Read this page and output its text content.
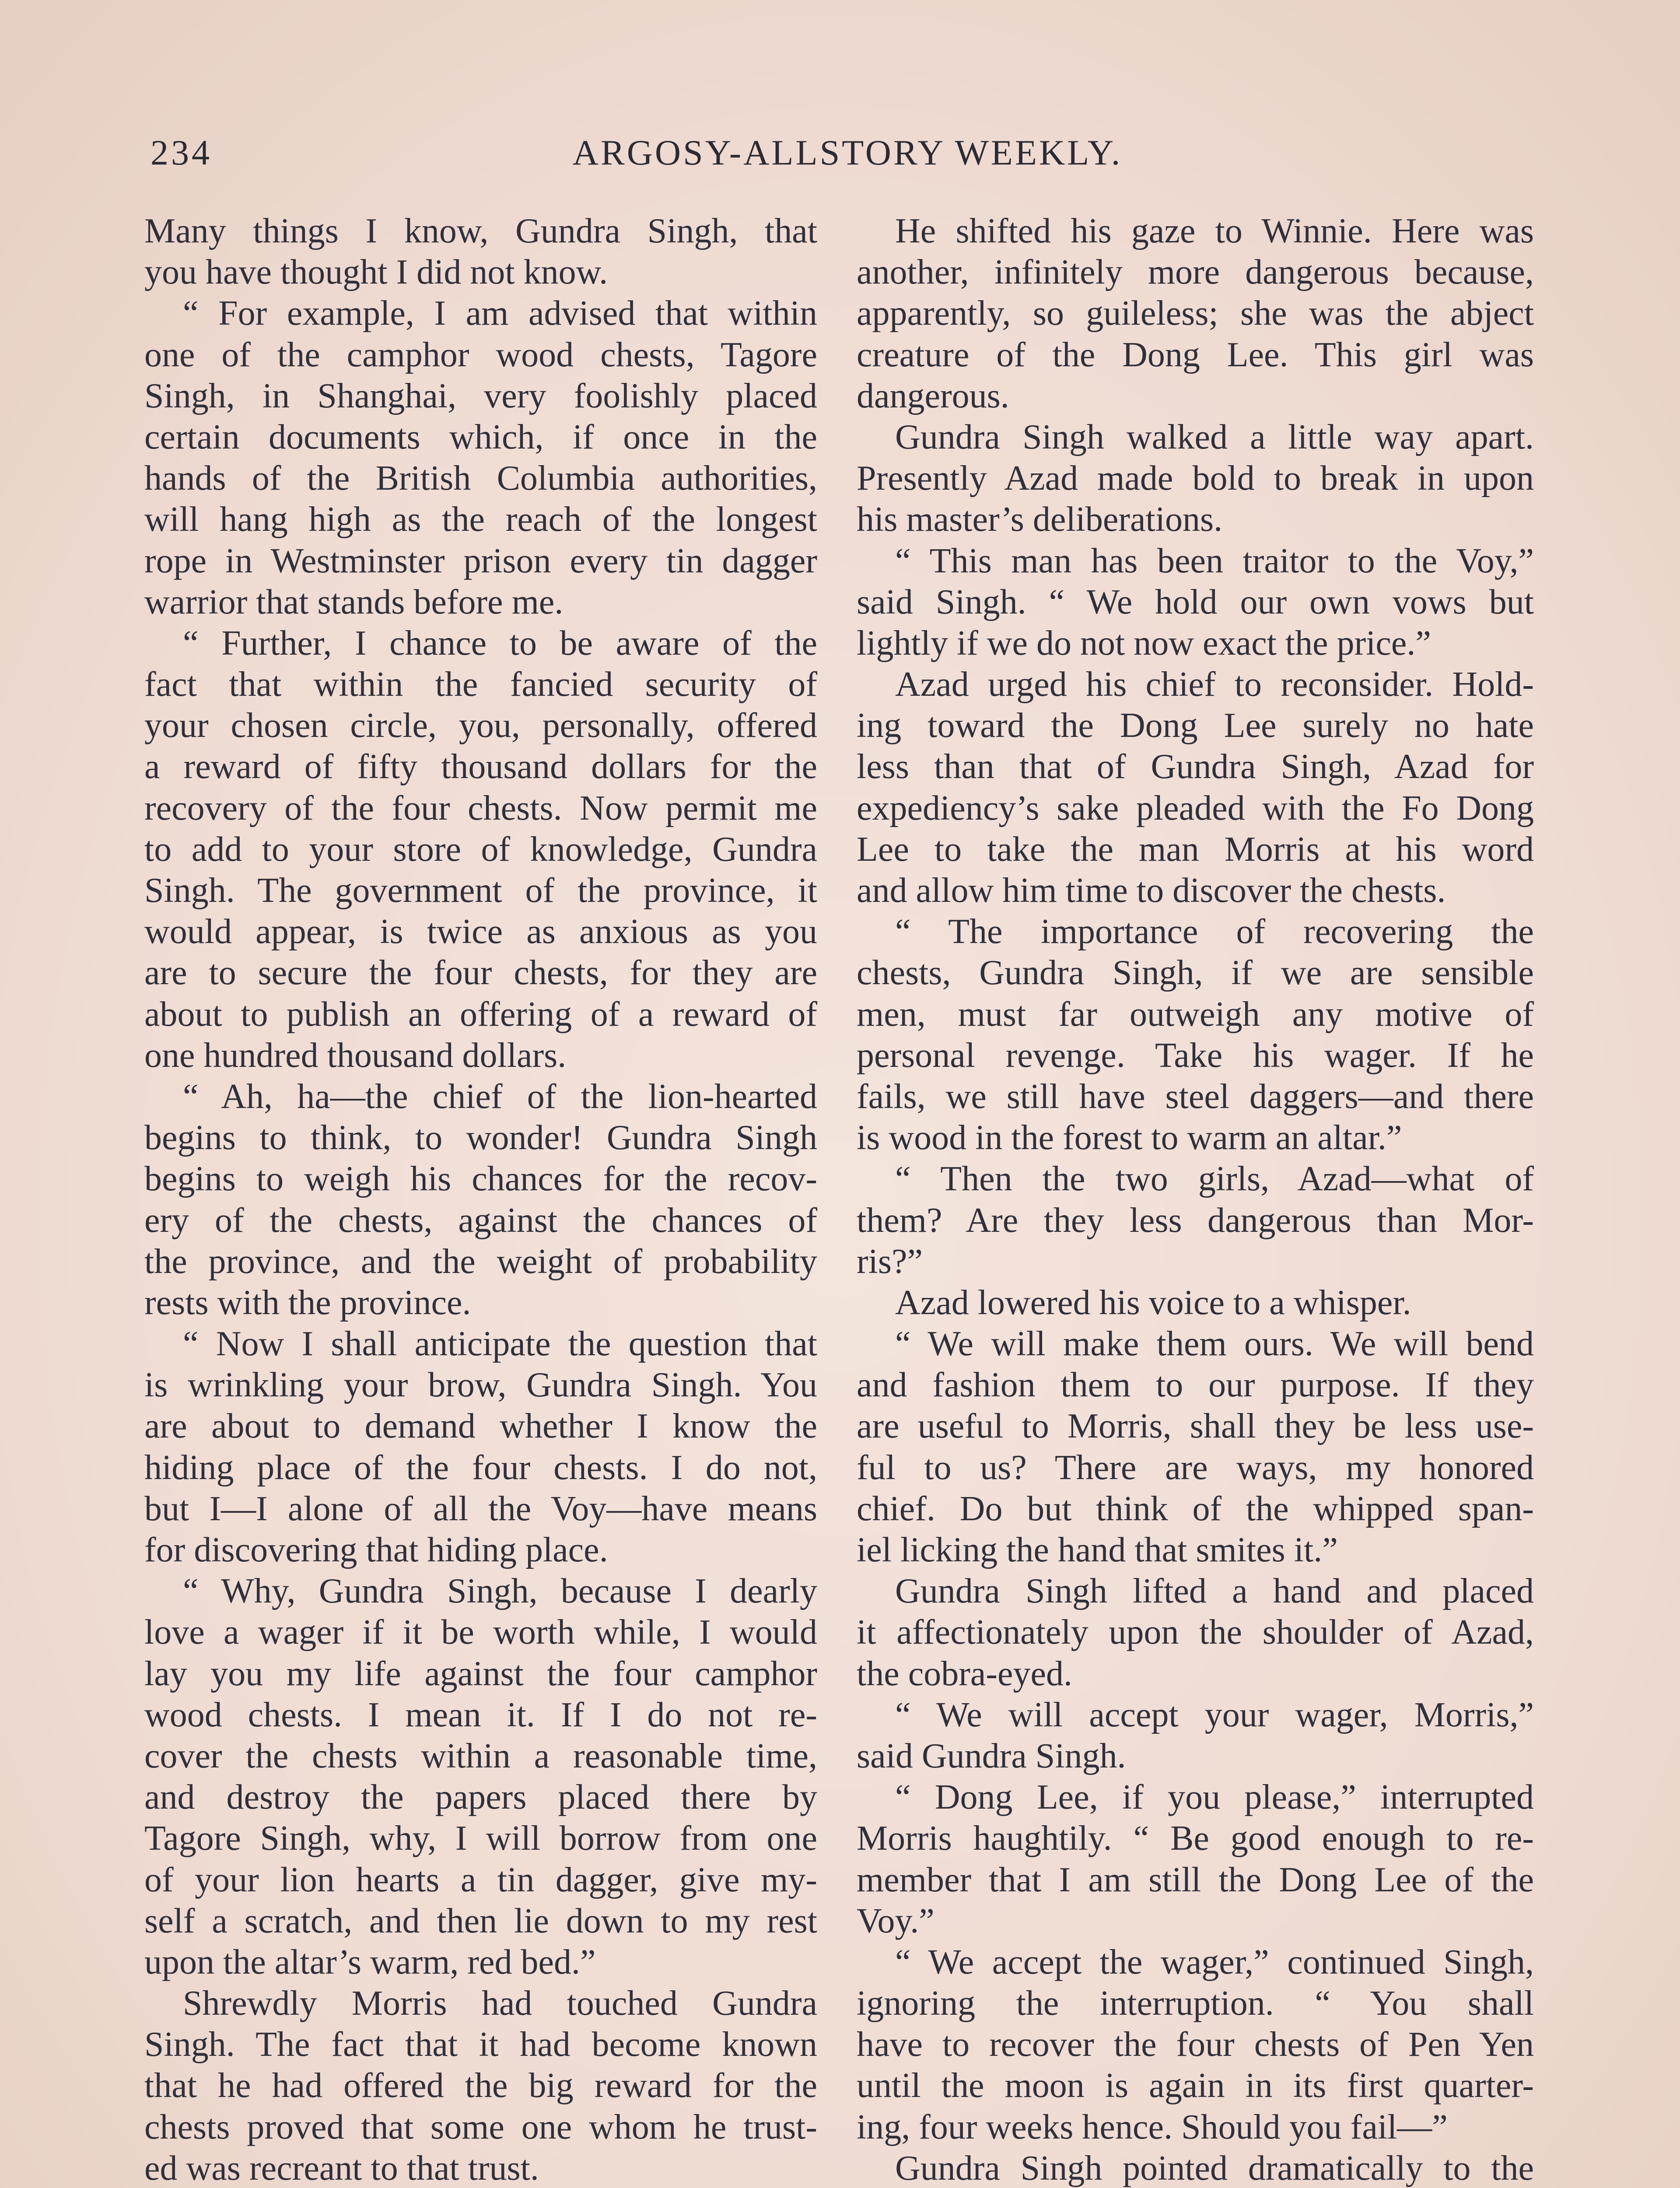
234	ARGOSY-ALLSTORY WEEKLY.
Many things I know, Gundra Singh, that
you have thought I did not know.
“ For example, I am advised that within
one of the camphor wood chests, Tagore
Singh, in Shanghai, very foolishly placed
certain documents which, if once in the
hands of the British Columbia authorities,
will hang high as the reach of the longest
rope in Westminster prison every tin dagger
warrior that stands before me.
“ Further, I chance to be aware of the
fact that within the fancied security of
your chosen circle, you, personally, offered
a reward of fifty thousand dollars for the
recovery of the four chests. Now permit me
to add to your store of knowledge, Gundra
Singh. The government of the province, it
would appear, is twice as anxious as you
are to secure the four chests, for they are
about to publish an offering of a reward of
one hundred thousand dollars.
“ Ah, ha—the chief of the lion-hearted
begins to think, to wonder! Gundra Singh
begins to weigh his chances for the recov-
ery of the chests, against the chances of
the province, and the weight of probability
rests with the province.
“ Now I shall anticipate the question that
is wrinkling your brow, Gundra Singh. You
are about to demand whether I know the
hiding place of the four chests. I do not,
but I—I alone of all the Voy—have means
for discovering that hiding place.
“ Why, Gundra Singh, because I dearly
love a wager if it be worth while, I would
lay you my life against the four camphor
wood chests. I mean it. If I do not re-
cover the chests within a reasonable time,
and destroy the papers placed there by
Tagore Singh, why, I will borrow from one
of your lion hearts a tin dagger, give my-
self a scratch, and then lie down to my rest
upon the altar’s warm, red bed.”
Shrewdly Morris had touched Gundra
Singh. The fact that it had become known
that he had offered the big reward for the
chests proved that some one whom he trust-
ed was recreant to that trust.
He shifted his gaze to Winnie. Here was
another, infinitely more dangerous because,
apparently, so guileless; she was the abject
creature of the Dong Lee. This girl was
dangerous.
Gundra Singh walked a little way apart.
Presently Azad made bold to break in upon
his master’s deliberations.
“ This man has been traitor to the Voy,”
said Singh. “ We hold our own vows but
lightly if we do not now exact the price.”
Azad urged his chief to reconsider. Hold-
ing toward the Dong Lee surely no hate
less than that of Gundra Singh, Azad for
expediency’s sake pleaded with the Fo Dong
Lee to take the man Morris at his word
and allow him time to discover the chests.
“ The importance of recovering the
chests, Gundra Singh, if we are sensible
men, must far outweigh any motive of
personal revenge. Take his wager. If he
fails, we still have steel daggers—and there
is wood in the forest to warm an altar.”
“ Then the two girls, Azad—what of
them? Are they less dangerous than Mor-
ris?”
Azad lowered his voice to a whisper.
“ We will make them ours. We will bend
and fashion them to our purpose. If they
are useful to Morris, shall they be less use-
ful to us? There are ways, my honored
chief. Do but think of the whipped span-
iel licking the hand that smites it.”
Gundra Singh lifted a hand and placed
it affectionately upon the shoulder of Azad,
the cobra-eyed.
“ We will accept your wager, Morris,”
said Gundra Singh.
“ Dong Lee, if you please,” interrupted
Morris haughtily. “ Be good enough to re-
member that I am still the Dong Lee of the
Voy.”
“ We accept the wager,” continued Singh,
ignoring the interruption. “ You shall
have to recover the four chests of Pen Yen
until the moon is again in its first quarter-
ing, four weeks hence. Should you fail—”
Gundra Singh pointed dramatically to the
